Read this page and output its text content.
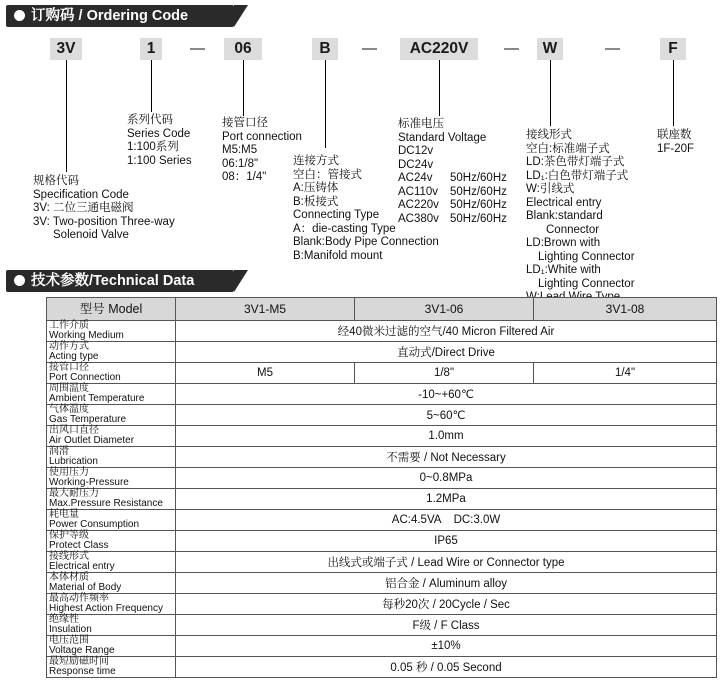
订购码 / Ordering Code
3V	1	—	06	B	—	AC220V	—	W	—	F
规格代码
Specification Code
3V: 二位三通电磁阀
3V: Two-position Three-way
Solenoid Valve
系列代码
Series Code
1:100系列
1:100 Series
接管口径
Port connection
M5:M5
06:1/8"
08：1/4"
连接方式
空白：管接式
A:压铸体
B:板接式
Connecting Type
A：die-casting Type
Blank:Body Pipe Connection
B:Manifold mount
标准电压
Standard Voltage
DC12v
DC24v
AC24v 50Hz/60Hz
AC110v 50Hz/60Hz
AC220v 50Hz/60Hz
AC380v 50Hz/60Hz
接线形式
空白:标准端子式
LD:茶色带灯端子式
LD₁:白色带灯端子式
W:引线式
Electrical entry
Blank:standard
Connector
LD:Brown with
Lighting Connector
LD₁:White with
Lighting Connector
联座数
1F-20F
技术参数/Technical Data
型号 Model	3V1-M5	3V1-06	3V1-08

工作介质
Working Medium	经40微米过滤的空气/40 Micron Filtered Air		

动作方式
Acting type	直动式/Direct Drive		

接管口径
Port Connection	M5	1/8"	1/4"

周围温度
Ambient Temperature	-10~+60℃		

气体温度
Gas Temperature	5~60℃		

出风口直径
Air Outlet Diameter	1.0mm		

润滑
Lubrication	不需要 / Not Necessary		

使用压力
Working-Pressure	0~0.8MPa		

最大耐压力
Max.Pressure Resistance	1.2MPa		

耗电量
Power Consumption	AC:4.5VA    DC:3.0W		

保护等级
Protect Class	IP65		

接线形式
Electrical entry	出线式或端子式 / Lead Wire or Connector type		

本体材质
Material of Body	铝合金 / Aluminum alloy		

最高动作频率
Highest Action Frequency	每秒20次 / 20Cycle / Sec		

绝缘性
Insulation	F级 / F Class		

电压范围
Voltage Range	±10%		

最短励磁时间
Response time	0.05 秒 / 0.05 Second		
